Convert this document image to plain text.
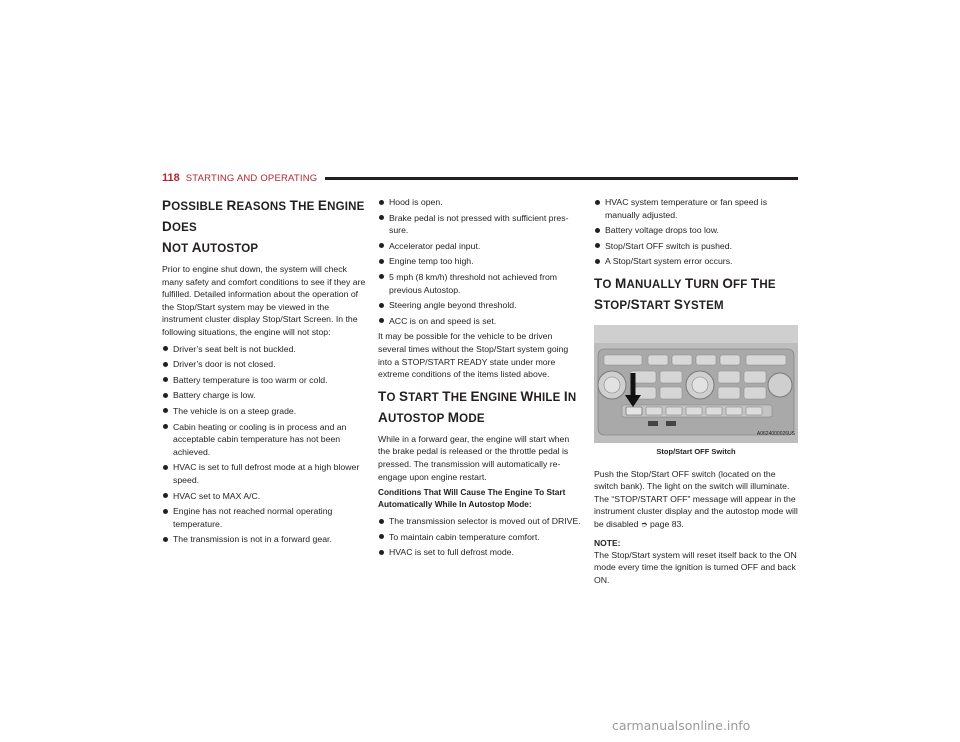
118 STARTING AND OPERATING
POSSIBLE REASONS THE ENGINE DOES
NOT AUTOSTOP

Prior to engine shut down, the system will check many safety and comfort conditions to see if they are fulfilled. Detailed information about the operation of the Stop/Start system may be viewed in the instrument cluster display Stop/Start Screen. In the following situations, the engine will not stop:

Driver’s seat belt is not buckled.
Driver’s door is not closed.
Battery temperature is too warm or cold.
Battery charge is low.
The vehicle is on a steep grade.
Cabin heating or cooling is in process and an acceptable cabin temperature has not been achieved.
HVAC is set to full defrost mode at a high blower speed.
HVAC set to MAX A/C.
Engine has not reached normal operating temperature.
The transmission is not in a forward gear.
Hood is open.
Brake pedal is not pressed with sufficient pres-sure.
Accelerator pedal input.
Engine temp too high.
5 mph (8 km/h) threshold not achieved from previous Autostop.
Steering angle beyond threshold.
ACC is on and speed is set.

It may be possible for the vehicle to be driven several times without the Stop/Start system going into a STOP/START READY state under more extreme conditions of the items listed above.

TO START THE ENGINE WHILE IN
AUTOSTOP MODE

While in a forward gear, the engine will start when the brake pedal is released or the throttle pedal is pressed. The transmission will automatically re-engage upon engine restart.

Conditions That Will Cause The Engine To Start Automatically While In Autostop Mode:
The transmission selector is moved out of DRIVE.
To maintain cabin temperature comfort.
HVAC is set to full defrost mode.
HVAC system temperature or fan speed is manually adjusted.
Battery voltage drops too low.
Stop/Start OFF switch is pushed.
A Stop/Start system error occurs.
TO MANUALLY TURN OFF THE
STOP/START SYSTEM
A0624000026US
Stop/Start OFF Switch

Push the Stop/Start OFF switch (located on the switch bank). The light on the switch will illuminate. The “STOP/START OFF” message will appear in the instrument cluster display and the autostop mode will be disabled ➮ page 83.

NOTE:

The Stop/Start system will reset itself back to the ON mode every time the ignition is turned OFF and back ON.

carmanualsonline.info
